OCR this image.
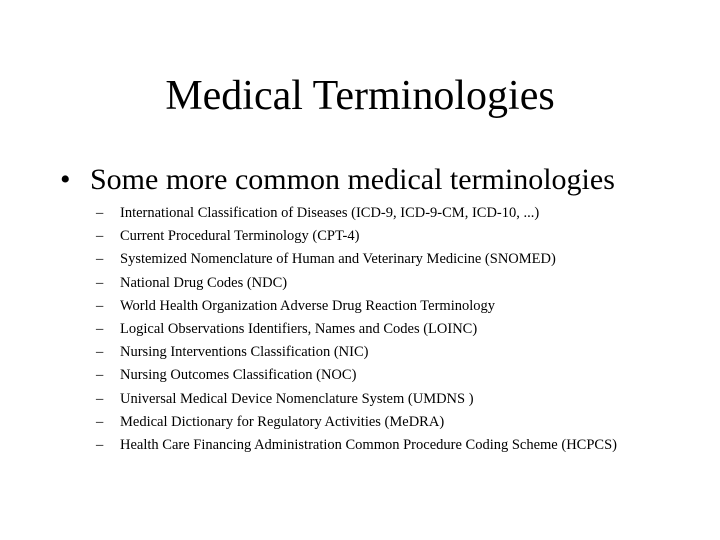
Medical Terminologies
• Some more common medical terminologies
–	International Classification of Diseases (ICD-9, ICD-9-CM, ICD-10, ...)
–	Current Procedural Terminology (CPT-4)
–	Systemized Nomenclature of Human and Veterinary Medicine (SNOMED)
–	National Drug Codes (NDC)
–	World Health Organization Adverse Drug Reaction Terminology
–	Logical Observations Identifiers, Names and Codes (LOINC)
–	Nursing Interventions Classification (NIC)
–	Nursing Outcomes Classification (NOC)
–	Universal Medical Device Nomenclature System (UMDNS )
–	Medical Dictionary for Regulatory Activities (MeDRA)
–	Health Care Financing Administration Common Procedure Coding Scheme (HCPCS)
